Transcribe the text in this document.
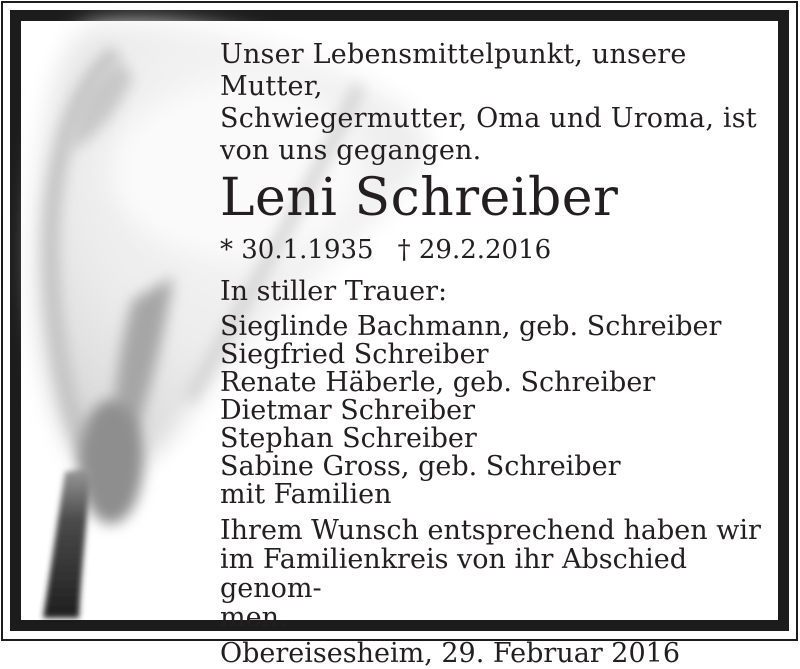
Unser Lebensmittelpunkt, unsere Mutter,
Schwiegermutter, Oma und Uroma, ist
von uns gegangen.
Leni Schreiber
* 30.1.1935 † 29.2.2016
In stiller Trauer:
Sieglinde Bachmann, geb. Schreiber
Siegfried Schreiber
Renate Häberle, geb. Schreiber
Dietmar Schreiber
Stephan Schreiber
Sabine Gross, geb. Schreiber
mit Familien
Ihrem Wunsch entsprechend haben wir
im Familienkreis von ihr Abschied genom-
men.
Obereisesheim, 29. Februar 2016
